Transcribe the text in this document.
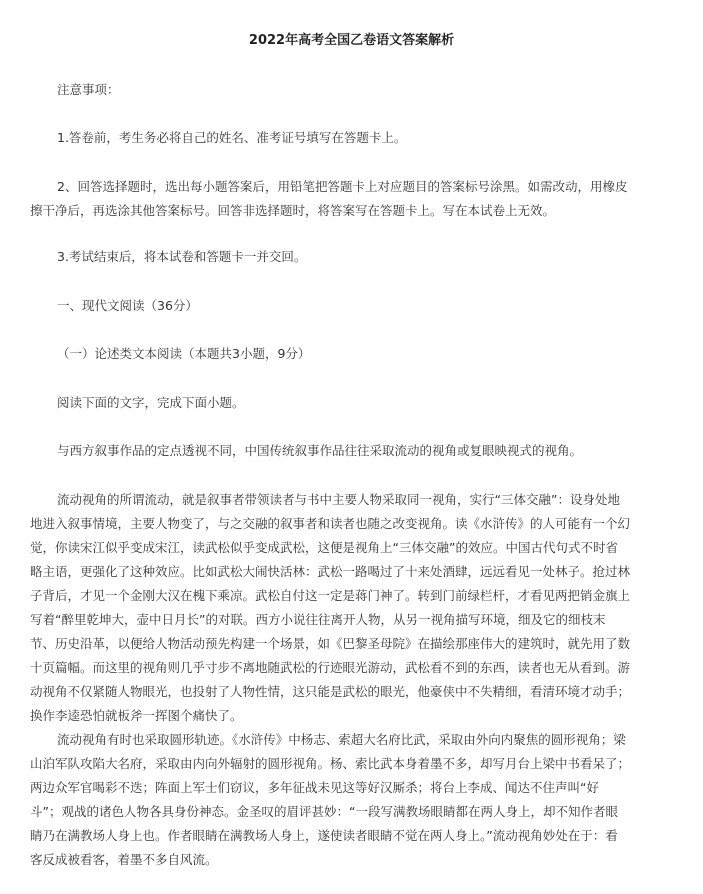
2022年高考全国乙卷语文答案解析

注意事项：

1.答卷前，考生务必将自己的姓名、准考证号填写在答题卡上。

2、回答选择题时，选出每小题答案后，用铅笔把答题卡上对应题目的答案标号涂黑。如需改动，用橡皮
擦干净后，再选涂其他答案标号。回答非选择题时，将答案写在答题卡上。写在本试卷上无效。

3.考试结束后，将本试卷和答题卡一并交回。

一、现代文阅读（36分）

（一）论述类文本阅读（本题共3小题，9分）

阅读下面的文字，完成下面小题。

与西方叙事作品的定点透视不同，中国传统叙事作品往往采取流动的视角或复眼映视式的视角。

流动视角的所谓流动，就是叙事者带领读者与书中主要人物采取同一视角，实行“三体交融”：设身处地
地进入叙事情境，主要人物变了，与之交融的叙事者和读者也随之改变视角。读《水浒传》的人可能有一个幻
觉，你读宋江似乎变成宋江，读武松似乎变成武松，这便是视角上“三体交融”的效应。中国古代句式不时省
略主语，更强化了这种效应。比如武松大闹快活林：武松一路喝过了十来处酒肆，远远看见一处林子。抢过林
子背后，才见一个金刚大汉在槐下乘凉。武松自付这一定是蒋门神了。转到门前绿栏杆，才看见两把销金旗上
写着“醉里乾坤大，壶中日月长”的对联。西方小说往往离开人物，从另一视角描写环境，细及它的细枝末
节、历史沿革，以便给人物活动预先构建一个场景，如《巴黎圣母院》在描绘那座伟大的建筑时，就先用了数
十页篇幅。而这里的视角则几乎寸步不离地随武松的行迹眼光游动，武松看不到的东西，读者也无从看到。游
动视角不仅紧随人物眼光，也投射了人物性情，这只能是武松的眼光，他豪侠中不失精细，看清环境才动手；
换作李逵恐怕就板斧一挥图个痛快了。

流动视角有时也采取圆形轨迹。《水浒传》中杨志、索超大名府比武，采取由外向内聚焦的圆形视角；梁
山泊军队攻陷大名府，采取由内向外辐射的圆形视角。杨、索比武本身着墨不多，却写月台上梁中书看呆了；
两边众军官喝彩不迭；阵面上军士们窃议，多年征战未见这等好汉厮杀；将台上李成、闻达不住声叫“好
斗”；观战的诸色人物各具身份神态。金圣叹的眉评甚妙：“一段写满教场眼睛都在两人身上，却不知作者眼
睛乃在满教场人身上也。作者眼睛在满教场人身上，遂使读者眼睛不觉在两人身上。”流动视角妙处在于：看
客反成被看客，着墨不多自风流。
